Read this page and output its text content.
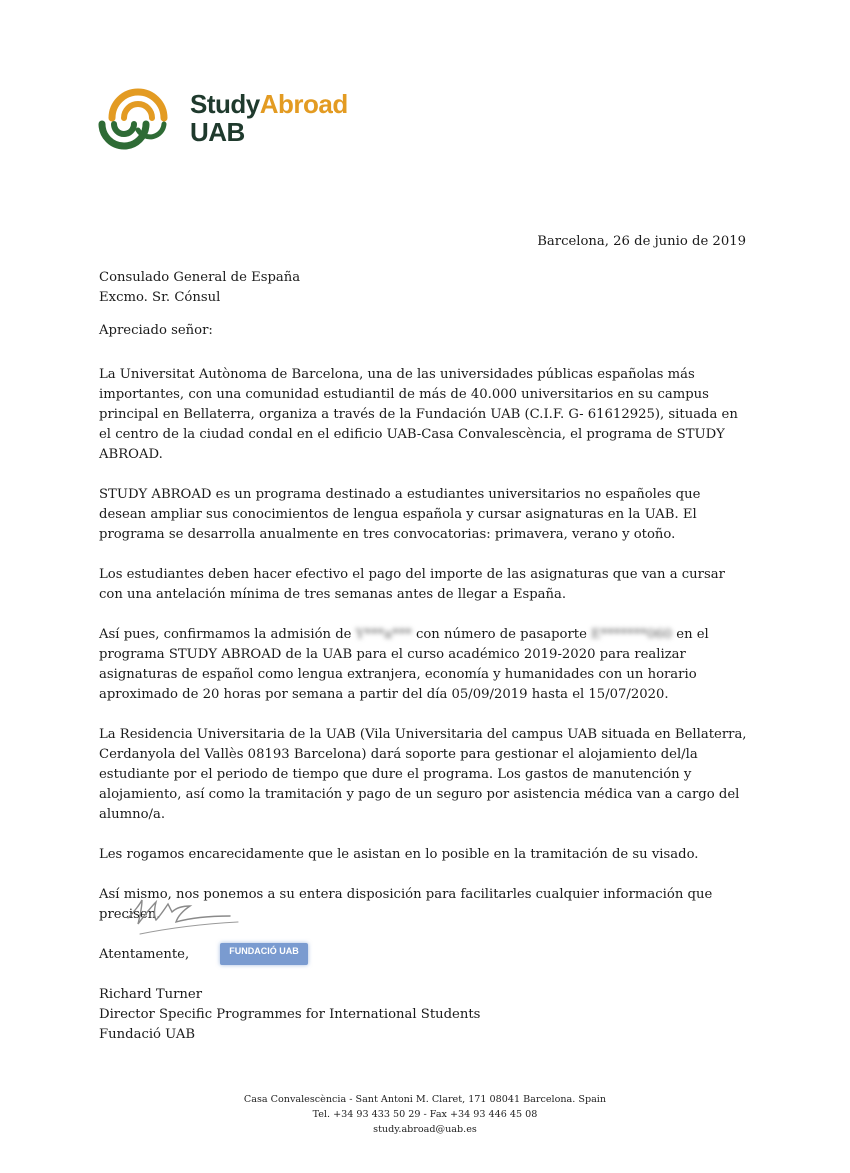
StudyAbroad
UAB
Barcelona, 26 de junio de 2019

Consulado General de España

Excmo. Sr. Cónsul

Apreciado señor:

La Universitat Autònoma de Barcelona, una de las universidades públicas españolas más importantes, con una comunidad estudiantil de más de 40.000 universitarios en su campus principal en Bellaterra, organiza a través de la Fundación UAB (C.I.F. G- 61612925), situada en el centro de la ciudad condal en el edificio UAB-Casa Convalescència, el programa de STUDY ABROAD.

STUDY ABROAD es un programa destinado a estudiantes universitarios no españoles que desean ampliar sus conocimientos de lengua española y cursar asignaturas en la UAB. El programa se desarrolla anualmente en tres convocatorias: primavera, verano y otoño.

Los estudiantes deben hacer efectivo el pago del importe de las asignaturas que van a cursar con una antelación mínima de tres semanas antes de llegar a España.

Así pues, confirmamos la admisión de Y***a*** con número de pasaporte E*******060 en el programa STUDY ABROAD de la UAB para el curso académico 2019-2020 para realizar asignaturas de español como lengua extranjera, economía y humanidades con un horario aproximado de 20 horas por semana a partir del día 05/09/2019 hasta el 15/07/2020.

La Residencia Universitaria de la UAB (Vila Universitaria del campus UAB situada en Bellaterra, Cerdanyola del Vallès 08193 Barcelona) dará soporte para gestionar el alojamiento del/la estudiante por el periodo de tiempo que dure el programa. Los gastos de manutención y alojamiento, así como la tramitación y pago de un seguro por asistencia médica van a cargo del alumno/a.

Les rogamos encarecidamente que le asistan en lo posible en la tramitación de su visado.

Así mismo, nos ponemos a su entera disposición para facilitarles cualquier información que precisen.

Atentamente,	FUNDACIÓ UAB

Richard Turner

Director Specific Programmes for International Students

Fundació UAB

Casa Convalescència - Sant Antoni M. Claret, 171 08041 Barcelona. Spain

Tel. +34 93 433 50 29 - Fax +34 93 446 45 08

study.abroad@uab.es
